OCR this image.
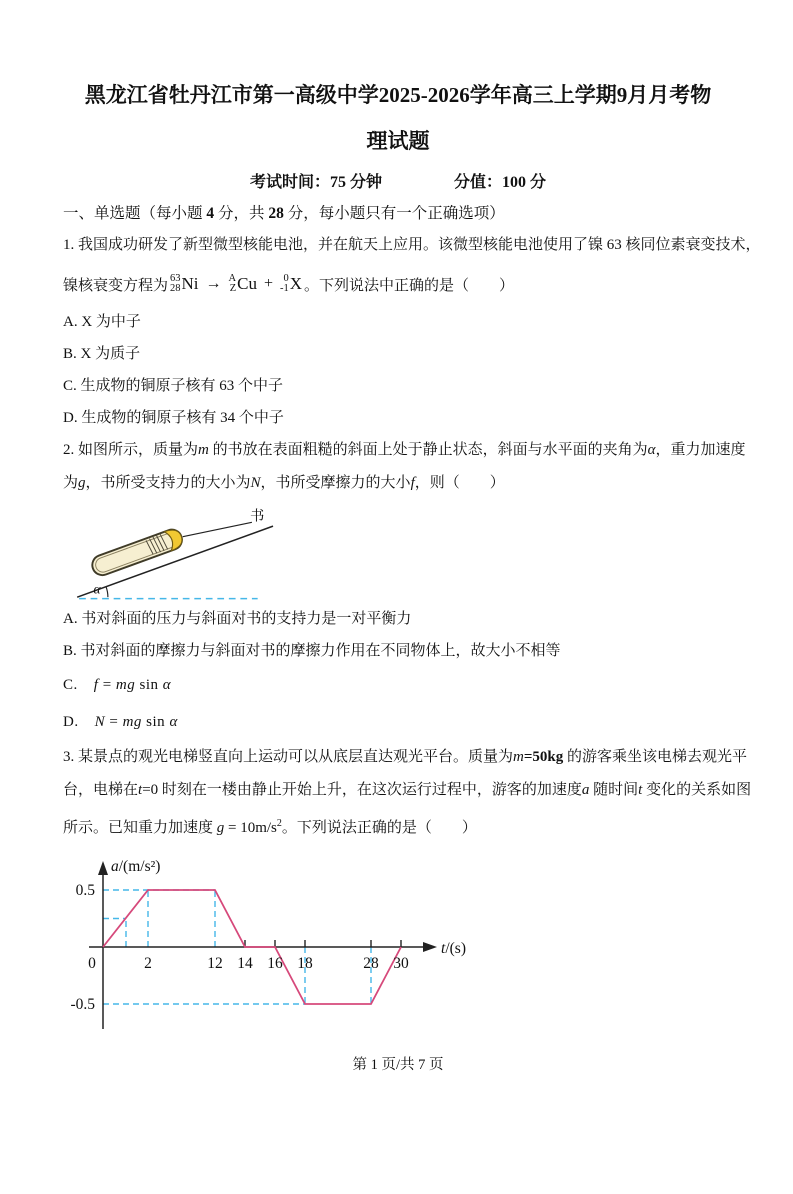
黑龙江省牡丹江市第一高级中学2025-2026学年高三上学期9月月考物
理试题
考试时间：75 分钟	分值：100 分
一、单选题（每小题 4 分，共 28 分，每小题只有一个正确选项）
1. 我国成功研发了新型微型核能电池，并在航天上应用。该微型核能电池使用了镍 63 核同位素衰变技术，
镍核衰变方程为 63
28 Ni → A
Z Cu + 0
-1 X 。下列说法中正确的是（　　）
A. X 为中子
B. X 为质子
C. 生成物的铜原子核有 63 个中子
D. 生成物的铜原子核有 34 个中子
2. 如图所示，质量为m 的书放在表面粗糙的斜面上处于静止状态，斜面与水平面的夹角为α，重力加速度
为g，书所受支持力的大小为N，书所受摩擦力的大小f，则（　　）
书
α
A. 书对斜面的压力与斜面对书的支持力是一对平衡力
B. 书对斜面的摩擦力与斜面对书的摩擦力作用在不同物体上，故大小不相等
C.  f = mg sin α
D.  N = mg sin α
3. 某景点的观光电梯竖直向上运动可以从底层直达观光平台。质量为m=50kg 的游客乘坐该电梯去观光平
台，电梯在t=0 时刻在一楼由静止开始上升，在这次运行过程中，游客的加速度a 随时间t 变化的关系如图
所示。已知重力加速度 $g = 10m/s^2$。下列说法正确的是（　　）
0	2	12 14 16 18	28 30
0.5
-0.5
a/(m/s²)
t/(s)
第 1 页/共 7 页
